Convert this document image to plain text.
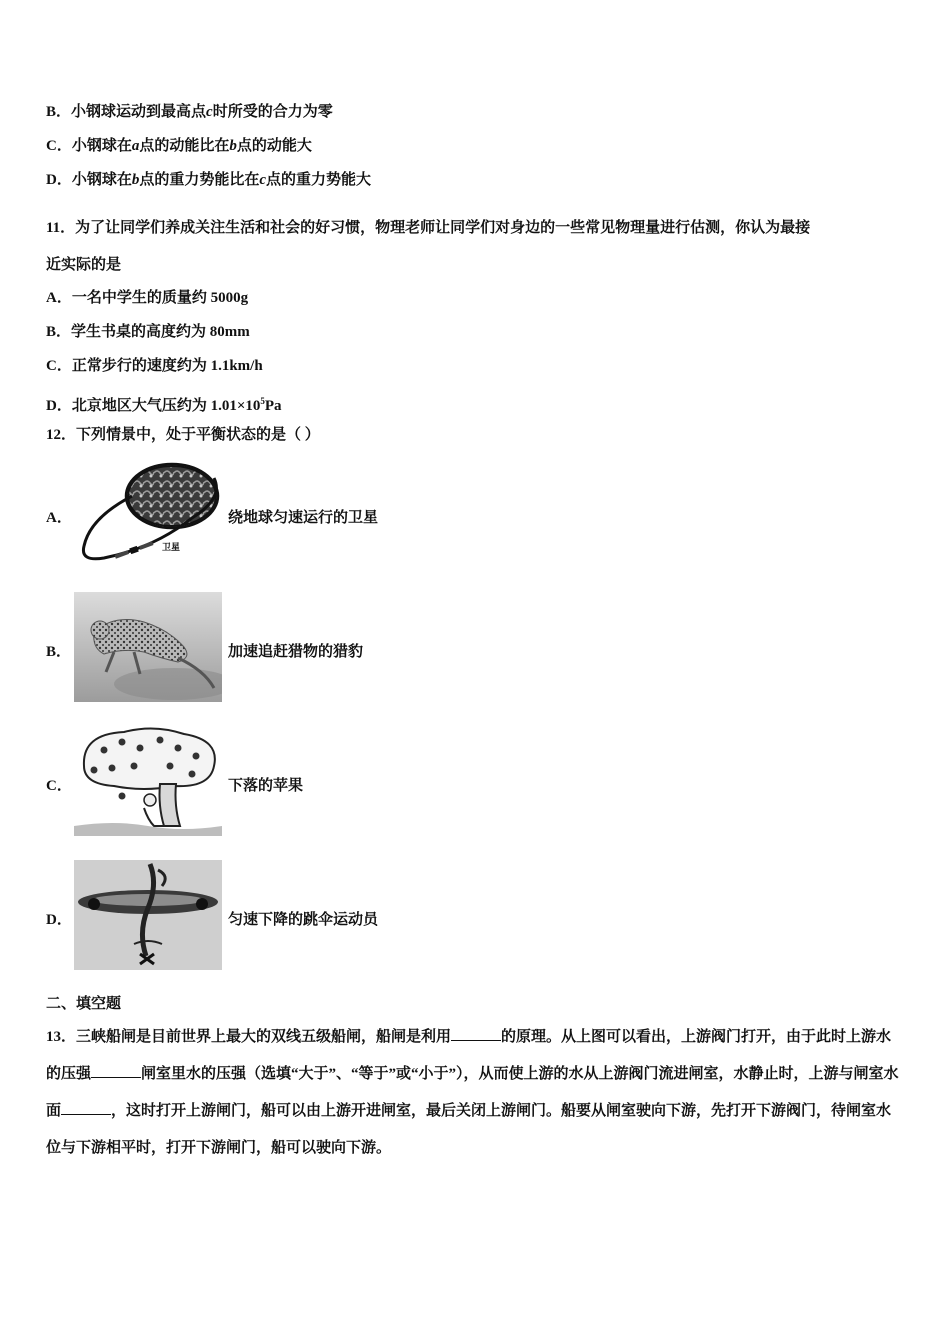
B．小钢球运动到最高点c时所受的合力为零
C．小钢球在a点的动能比在b点的动能大
D．小钢球在b点的重力势能比在c点的重力势能大
11．为了让同学们养成关注生活和社会的好习惯，物理老师让同学们对身边的一些常见物理量进行估测，你认为最接
近实际的是
A．一名中学生的质量约 5000g
B．学生书桌的高度约为 80mm
C．正常步行的速度约为 1.1km/h
D．北京地区大气压约为 $1.01\times 10^5Pa$
12．下列情景中，处于平衡状态的是（ ）
A．
卫星
绕地球匀速运行的卫星
B．	加速追赶猎物的猎豹
C．	下落的苹果
D．	匀速下降的跳伞运动员
二、填空题
13．三峡船闸是目前世界上最大的双线五级船闸，船闸是利用	的原理。从上图可以看出，上游阀门打开，由于此时上游水的压强	闸室里水的压强（选填“大于”、“等于”或“小于”），从而使上游的水从上游阀门流进闸室，水静止时，上游与闸室水面	，这时打开上游闸门，船可以由上游开进闸室，最后关闭上游闸门。船要从闸室驶向下游，先打开下游阀门，待闸室水位与下游相平时，打开下游闸门，船可以驶向下游。
